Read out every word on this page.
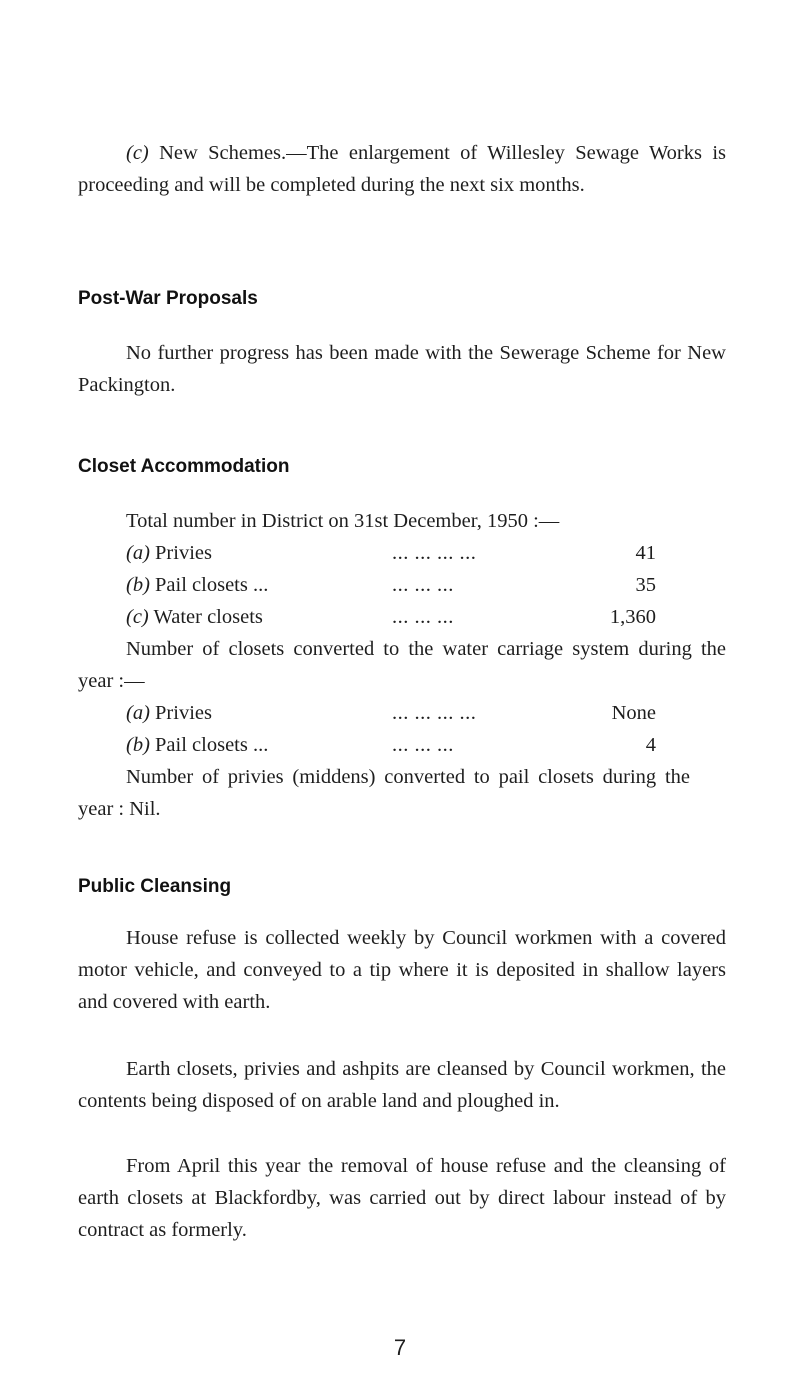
(c) New Schemes.—The enlargement of Willesley Sewage Works is proceeding and will be completed during the next six months.

Post-War Proposals

No further progress has been made with the Sewerage Scheme for New Packington.

Closet Accommodation

Total number in District on 31st December, 1950 :—

(a) Privies	... ... ... ...	41
(b) Pail closets ...	... ... ...	35
(c) Water closets	... ... ...	1,360

Number of closets converted to the water carriage system during the year :—

(a) Privies	... ... ... ...	None
(b) Pail closets ...	... ... ...	4

Number of privies (middens) converted to pail closets during the year : Nil.

Public Cleansing

House refuse is collected weekly by Council workmen with a covered motor vehicle, and conveyed to a tip where it is deposited in shallow layers and covered with earth.

Earth closets, privies and ashpits are cleansed by Council workmen, the contents being disposed of on arable land and ploughed in.

From April this year the removal of house refuse and the cleansing of earth closets at Blackfordby, was carried out by direct labour instead of by contract as formerly.

7
